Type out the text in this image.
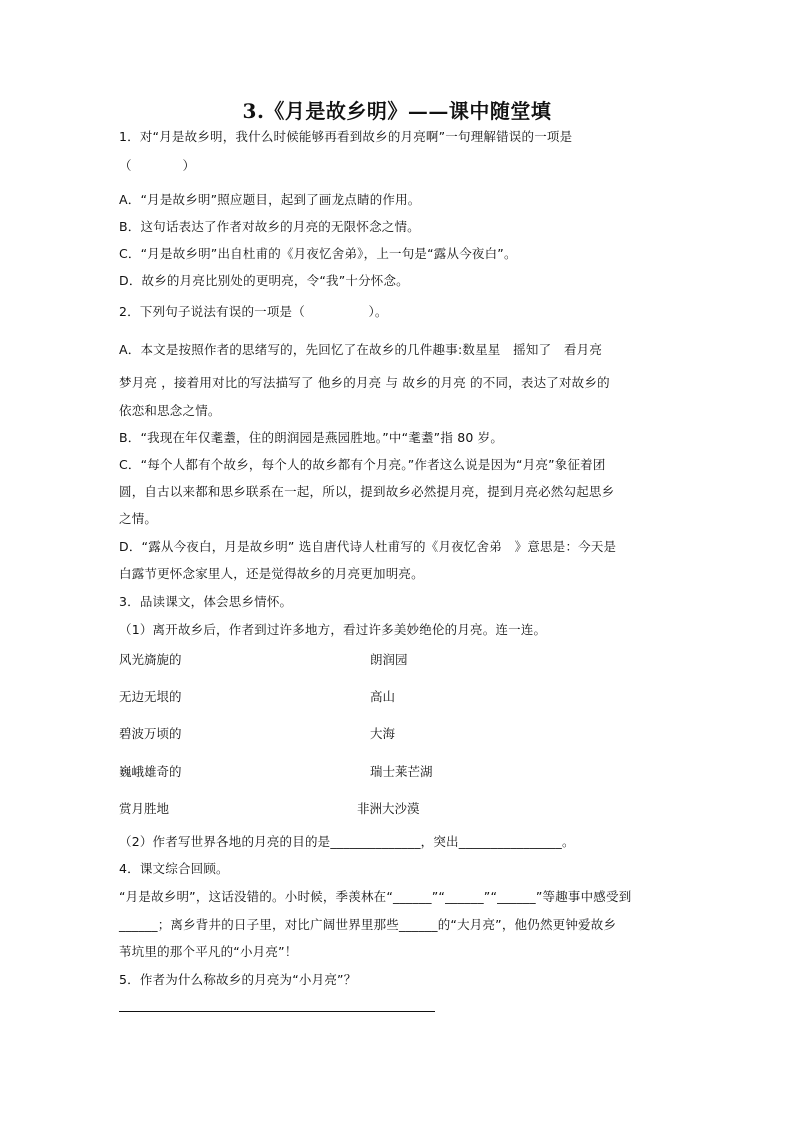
3.《月是故乡明》——课中随堂填
1．对“月是故乡明，我什么时候能够再看到故乡的月亮啊”一句理解错误的一项是
（　　　　）
A．“月是故乡明”照应题目，起到了画龙点睛的作用。
B．这句话表达了作者对故乡的月亮的无限怀念之情。
C．“月是故乡明”出自杜甫的《月夜忆舍弟》，上一句是“露从今夜白”。
D．故乡的月亮比别处的更明亮，令“我”十分怀念。
2．下列句子说法有误的一项是（　　　　　）。
A．本文是按照作者的思绪写的，先回忆了在故乡的几件趣事:数星星　摇知了　看月亮
梦月亮 ，接着用对比的写法描写了 他乡的月亮 与 故乡的月亮 的不同，表达了对故乡的
依恋和思念之情。
B．“我现在年仅耄耋，住的朗润园是燕园胜地。”中“耄耋”指 80 岁。
C．“每个人都有个故乡，每个人的故乡都有个月亮。”作者这么说是因为“月亮”象征着团
圆，自古以来都和思乡联系在一起，所以，提到故乡必然提月亮，提到月亮必然勾起思乡
之情。
D．“露从今夜白，月是故乡明” 选自唐代诗人杜甫写的《月夜忆舍弟　》意思是：今天是
白露节更怀念家里人，还是觉得故乡的月亮更加明亮。
3．品读课文，体会思乡情怀。
（1）离开故乡后，作者到过许多地方，看过许多美妙绝伦的月亮。连一连。
风光旖旎的	朗润园
无边无垠的	高山
碧波万顷的	大海
巍峨雄奇的	瑞士莱芒湖
赏月胜地	非洲大沙漠
（2）作者写世界各地的月亮的目的是______________，突出________________。
4．课文综合回顾。
“月是故乡明”，这话没错的。小时候，季羡林在“______”“______”“______”等趣事中感受到
______；离乡背井的日子里，对比广阔世界里那些______的“大月亮”，他仍然更钟爱故乡
苇坑里的那个平凡的“小月亮”！
5．作者为什么称故乡的月亮为“小月亮”？
